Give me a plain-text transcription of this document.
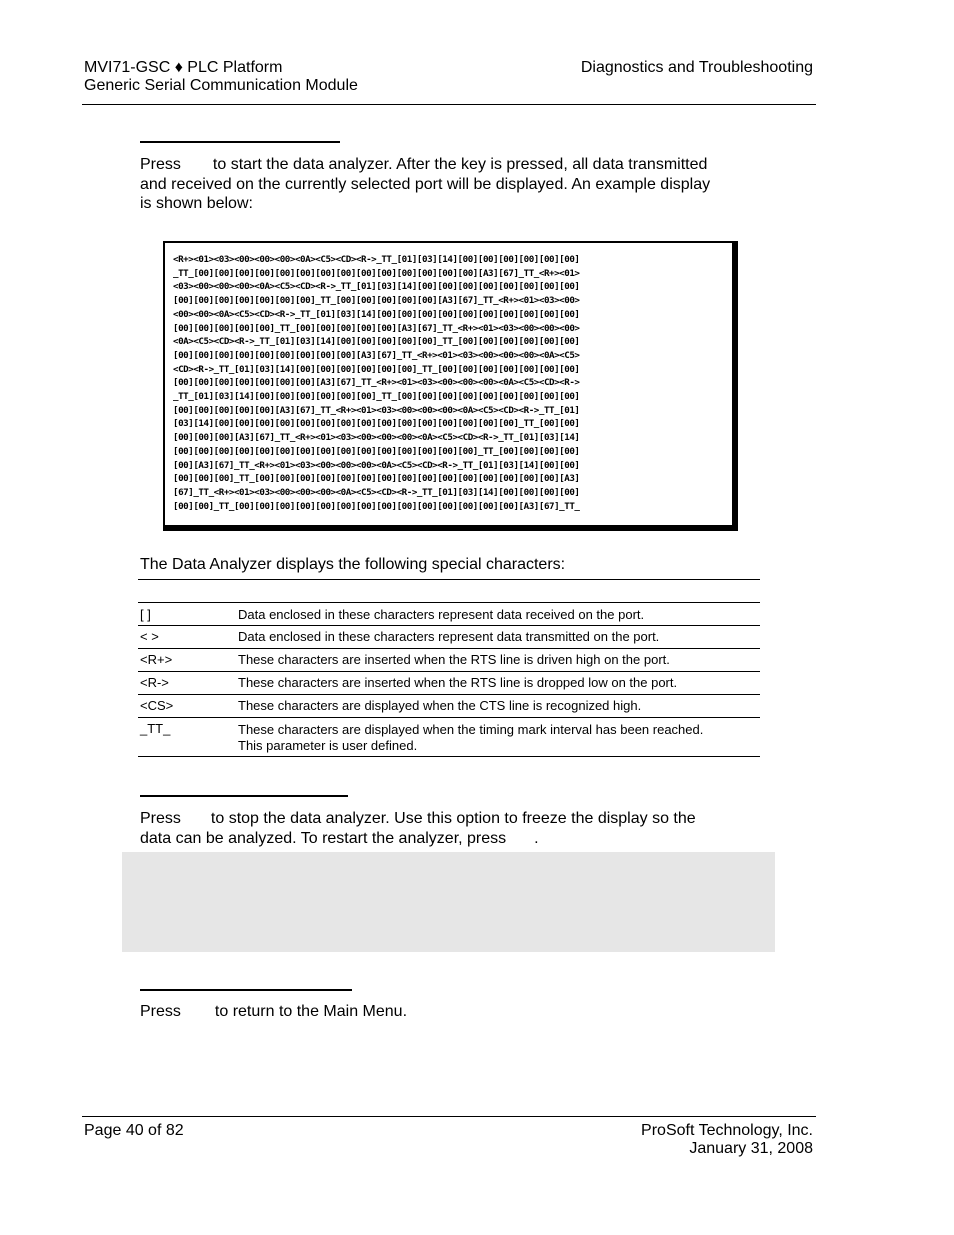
MVI71-GSC ♦ PLC Platform
Generic Serial Communication Module
Diagnostics and Troubleshooting
Press to start the data analyzer. After the key is pressed, all data transmitted
and received on the currently selected port will be displayed. An example display
is shown below:
<R+><01><03><00><00><00><0A><C5><CD><R->_TT_[01][03][14][00][00][00][00][00][00]
_TT_[00][00][00][00][00][00][00][00][00][00][00][00][00][00][A3][67]_TT_<R+><01>
<03><00><00><00><0A><C5><CD><R->_TT_[01][03][14][00][00][00][00][00][00][00][00]
[00][00][00][00][00][00][00]_TT_[00][00][00][00][00][A3][67]_TT_<R+><01><03><00>
<00><00><0A><C5><CD><R->_TT_[01][03][14][00][00][00][00][00][00][00][00][00][00]
[00][00][00][00][00]_TT_[00][00][00][00][00][A3][67]_TT_<R+><01><03><00><00><00>
<0A><C5><CD><R->_TT_[01][03][14][00][00][00][00][00]_TT_[00][00][00][00][00][00]
[00][00][00][00][00][00][00][00][00][A3][67]_TT_<R+><01><03><00><00><00><0A><C5>
<CD><R->_TT_[01][03][14][00][00][00][00][00][00]_TT_[00][00][00][00][00][00][00]
[00][00][00][00][00][00][00][A3][67]_TT_<R+><01><03><00><00><00><0A><C5><CD><R->
_TT_[01][03][14][00][00][00][00][00][00]_TT_[00][00][00][00][00][00][00][00][00]
[00][00][00][00][00][A3][67]_TT_<R+><01><03><00><00><00><0A><C5><CD><R->_TT_[01]
[03][14][00][00][00][00][00][00][00][00][00][00][00][00][00][00][00]_TT_[00][00]
[00][00][00][A3][67]_TT_<R+><01><03><00><00><00><0A><C5><CD><R->_TT_[01][03][14]
[00][00][00][00][00][00][00][00][00][00][00][00][00][00][00]_TT_[00][00][00][00]
[00][A3][67]_TT_<R+><01><03><00><00><00><0A><C5><CD><R->_TT_[01][03][14][00][00]
[00][00][00]_TT_[00][00][00][00][00][00][00][00][00][00][00][00][00][00][00][A3]
[67]_TT_<R+><01><03><00><00><00><0A><C5><CD><R->_TT_[01][03][14][00][00][00][00]
[00][00]_TT_[00][00][00][00][00][00][00][00][00][00][00][00][00][00][A3][67]_TT_
The Data Analyzer displays the following special characters:
[ ]	Data enclosed in these characters represent data received on the port.
< >	Data enclosed in these characters represent data transmitted on the port.
<R+>	These characters are inserted when the RTS line is driven high on the port.
<R->	These characters are inserted when the RTS line is dropped low on the port.
<CS>	These characters are displayed when the CTS line is recognized high.
_TT_	These characters are displayed when the timing mark interval has been reached.
This parameter is user defined.
Press to stop the data analyzer. Use this option to freeze the display so the
data can be analyzed. To restart the analyzer, press .
Press to return to the Main Menu.
Page 40 of 82	ProSoft Technology, Inc.
January 31, 2008
